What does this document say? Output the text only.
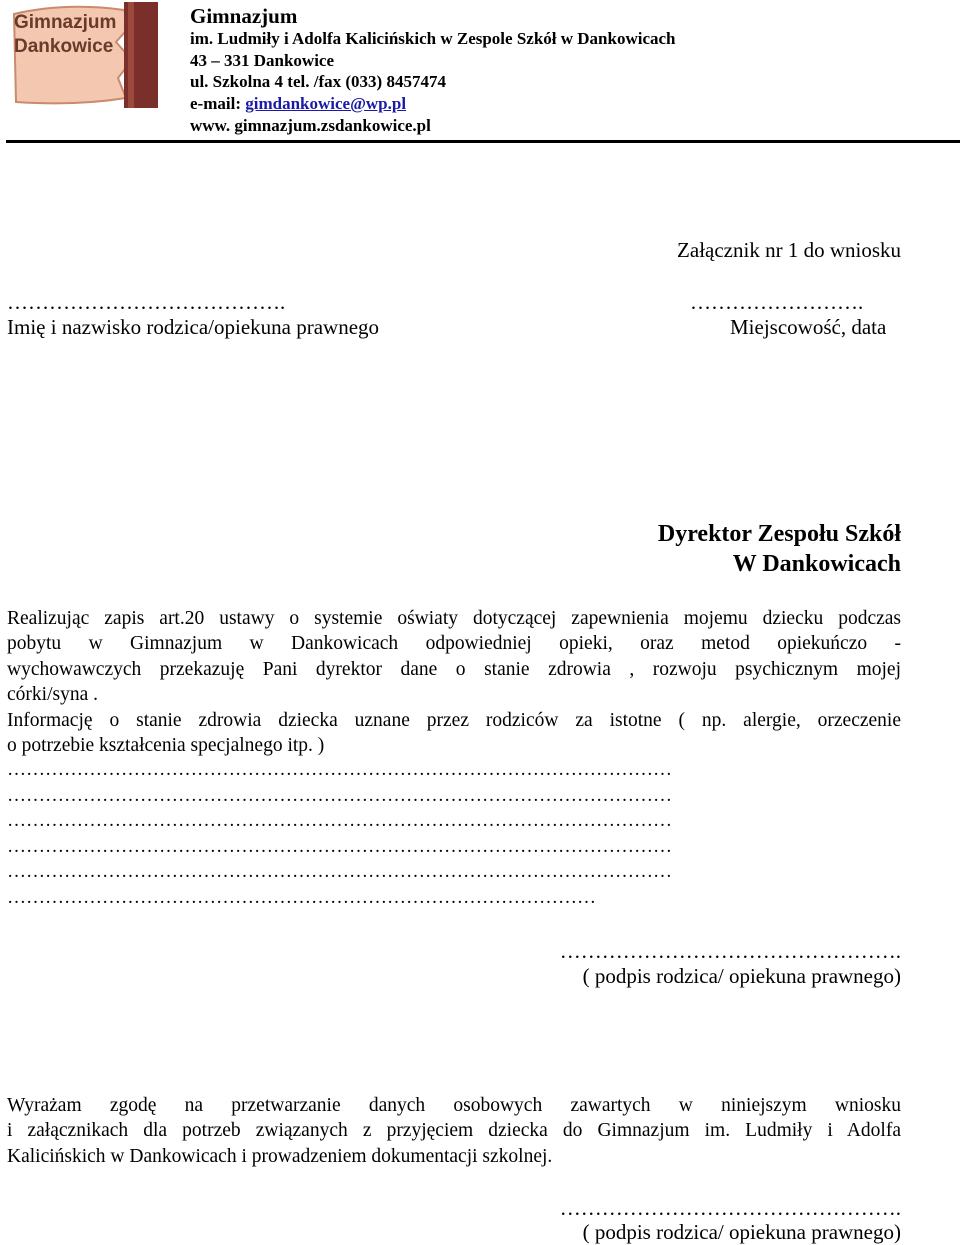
Gimnazjum
Dankowice
Gimnazjum
im. Ludmiły i Adolfa Kalicińskich w Zespole Szkół w Dankowicach
43 – 331 Dankowice
ul. Szkolna 4 tel. /fax (033) 8457474
e-mail: gimdankowice@wp.pl
www. gimnazjum.zsdankowice.pl
Załącznik nr 1 do wniosku
………………………………….
Imię i nazwisko rodzica/opiekuna prawnego
…………………….
Miejscowość, data
Dyrektor Zespołu Szkół
W Dankowicach
Realizując zapis art.20 ustawy o systemie oświaty dotyczącej zapewnienia mojemu dziecku podczas
pobytu w Gimnazjum w Dankowicach odpowiedniej opieki, oraz metod opiekuńczo -
wychowawczych przekazuję Pani dyrektor dane o stanie zdrowia , rozwoju psychicznym mojej
córki/syna .
Informację o stanie zdrowia dziecka uznane przez rodziców za istotne ( np. alergie, orzeczenie
o potrzebie kształcenia specjalnego itp. )
……………………………………………………………………………………………
……………………………………………………………………………………………
……………………………………………………………………………………………
……………………………………………………………………………………………
……………………………………………………………………………………………
…………………………………………………………………………………
………………………………………….
( podpis rodzica/ opiekuna prawnego)
Wyrażam zgodę na przetwarzanie danych osobowych zawartych w niniejszym wniosku
i załącznikach dla potrzeb związanych z przyjęciem dziecka do Gimnazjum im. Ludmiły i Adolfa
Kalicińskich w Dankowicach i prowadzeniem dokumentacji szkolnej.
………………………………………….
( podpis rodzica/ opiekuna prawnego)
